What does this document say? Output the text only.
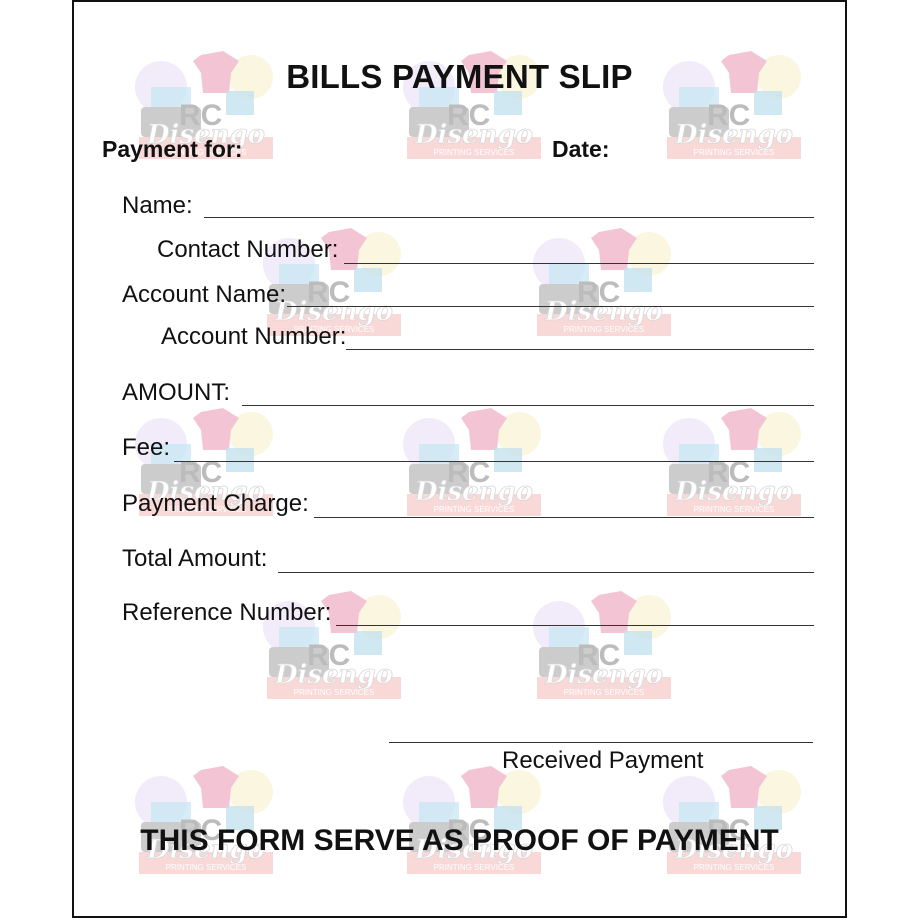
BILLS PAYMENT SLIP
Payment for:	Date:
Name:
Contact Number:
Account Name:
Account Number:
AMOUNT:
Fee:
Payment Charge:
Total Amount:
Reference Number:
Received Payment
THIS FORM SERVE AS PROOF OF PAYMENT
